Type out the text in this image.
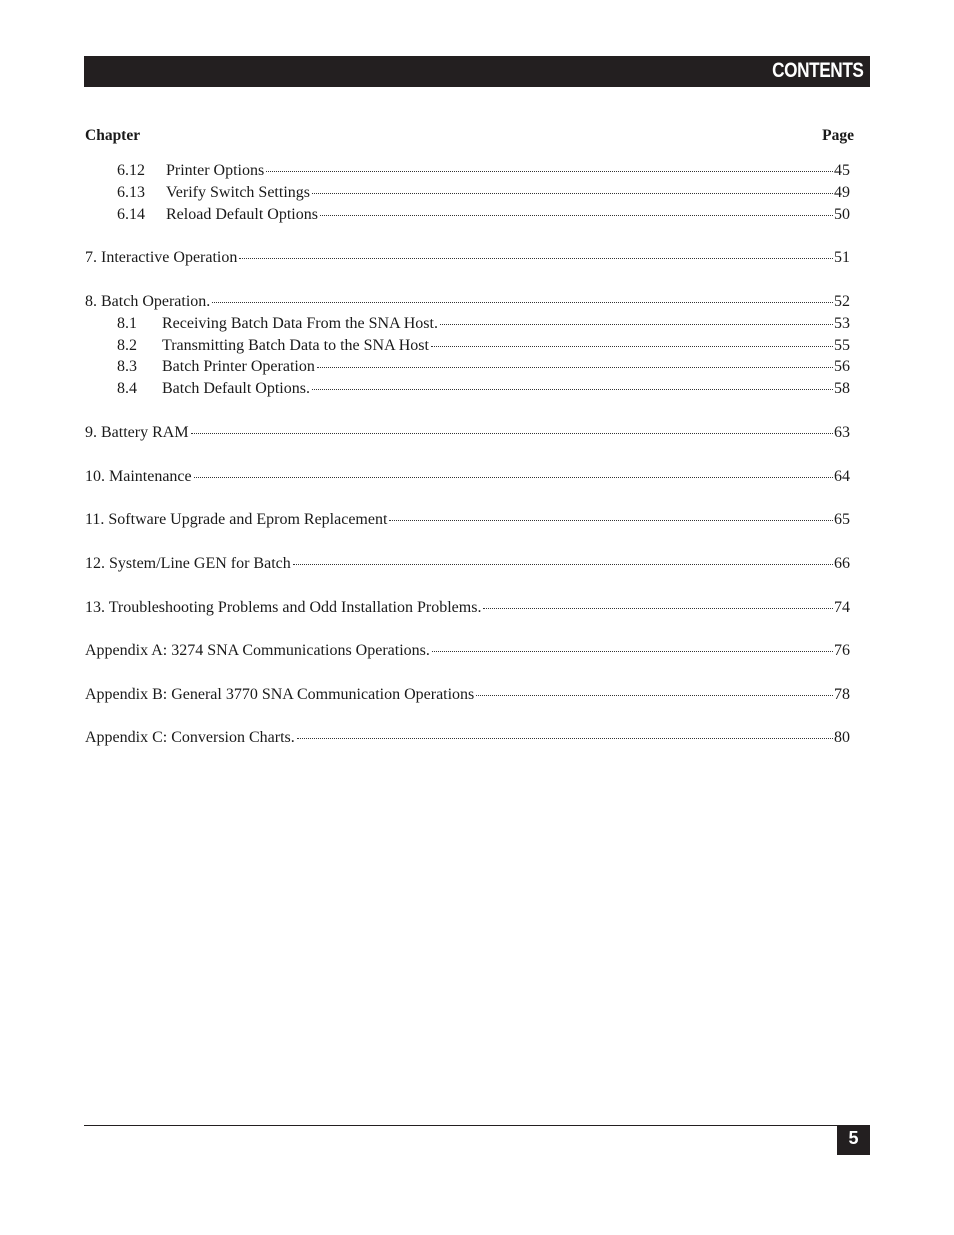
CONTENTS
Chapter	Page
6.12	Printer Options	45
6.13	Verify Switch Settings	49
6.14	Reload Default Options	50
7. Interactive Operation	51
8. Batch Operation.	52
8.1	Receiving Batch Data From the SNA Host.	53
8.2	Transmitting Batch Data to the SNA Host	55
8.3	Batch Printer Operation	56
8.4	Batch Default Options.	58
9. Battery RAM	63
10. Maintenance	64
11. Software Upgrade and Eprom Replacement	65
12. System/Line GEN for Batch	66
13. Troubleshooting Problems and Odd Installation Problems.	74
Appendix A: 3274 SNA Communications Operations.	76
Appendix B: General 3770 SNA Communication Operations	78
Appendix C: Conversion Charts.	80
5
